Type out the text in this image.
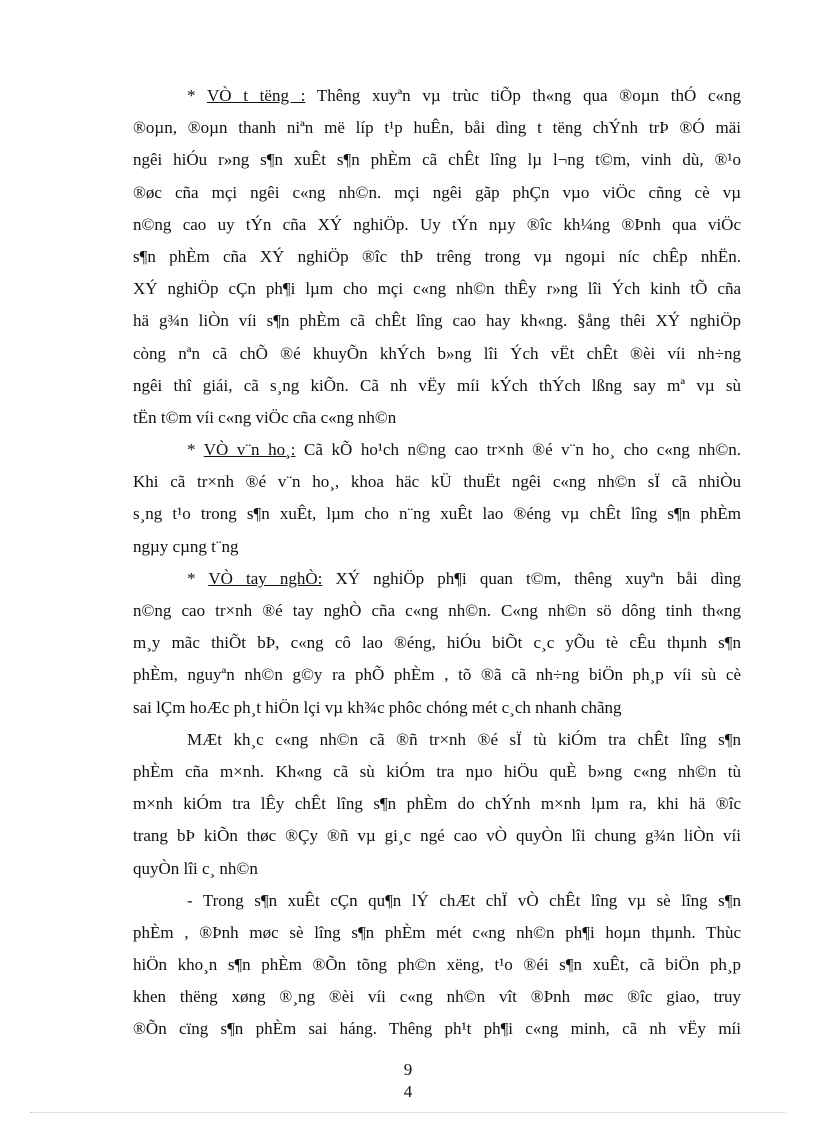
* VÒ t tëng : Thêng xuyªn vµ trùc tiÕp th«ng qua ®oµn thÓ c«ng
®oµn, ®oµn thanh niªn më líp t¹p huÊn, båi dìng t tëng chÝnh trÞ ®Ó mäi
ngêi hiÓu r»ng s¶n xuÊt s¶n phÈm cã chÊt lîng lµ l¬ng t©m, vinh dù, ®¹o
®øc cña mçi ngêi c«ng nh©n. mçi ngêi gãp phÇn vµo viÖc cñng cè vµ
n©ng cao uy tÝn cña XÝ nghiÖp. Uy tÝn nµy ®îc kh¼ng ®Þnh qua viÖc
s¶n phÈm cña XÝ nghiÖp ®îc thÞ trêng trong vµ ngoµi níc chÊp nhËn.
XÝ nghiÖp cÇn ph¶i lµm cho mçi c«ng nh©n thÊy r»ng lîi Ých kinh tÕ cña
hä g¾n liÒn víi s¶n phÈm cã chÊt lîng cao hay kh«ng. §ång thêi XÝ nghiÖp
còng nªn cã chÕ ®é khuyÕn khÝch b»ng lîi Ých vËt chÊt ®èi víi nh÷ng
ngêi thî giái, cã s¸ng kiÕn. Cã nh vËy míi kÝch thÝch lßng say mª vµ sù
tËn t©m víi c«ng viÖc cña c«ng nh©n
* VÒ v¨n ho¸: Cã kÕ ho¹ch n©ng cao tr×nh ®é v¨n ho¸ cho c«ng nh©n.
Khi cã tr×nh ®é v¨n ho¸, khoa häc kÜ thuËt ngêi c«ng nh©n sÏ cã nhiÒu
s¸ng t¹o trong s¶n xuÊt, lµm cho n¨ng xuÊt lao ®éng vµ chÊt lîng s¶n phÈm
ngµy cµng t¨ng
* VÒ tay nghÒ: XÝ nghiÖp ph¶i quan t©m, thêng xuyªn båi dìng
n©ng cao tr×nh ®é tay nghÒ cña c«ng nh©n. C«ng nh©n sö dông tinh th«ng
m¸y mãc thiÕt bÞ, c«ng cô lao ®éng, hiÓu biÕt c¸c yÕu tè cÊu thµnh s¶n
phÈm, nguyªn nh©n g©y ra phÕ phÈm , tõ ®ã cã nh÷ng biÖn ph¸p víi sù cè
sai lÇm hoÆc ph¸t hiÖn lçi vµ kh¾c phôc chóng mét c¸ch nhanh chãng
MÆt kh¸c c«ng nh©n cã ®ñ tr×nh ®é sÏ tù kiÓm tra chÊt lîng s¶n
phÈm cña m×nh. Kh«ng cã sù kiÓm tra nµo hiÖu quÈ b»ng c«ng nh©n tù
m×nh kiÓm tra lÊy chÊt lîng s¶n phÈm do chÝnh m×nh lµm ra, khi hä ®îc
trang bÞ kiÕn thøc ®Çy ®ñ vµ gi¸c ngé cao vÒ quyÒn lîi chung g¾n liÒn víi
quyÒn lîi c¸ nh©n
- Trong s¶n xuÊt cÇn qu¶n lÝ chÆt chÏ vÒ chÊt lîng vµ sè lîng s¶n
phÈm , ®Þnh møc sè lîng s¶n phÈm mét c«ng nh©n ph¶i hoµn thµnh. Thùc
hiÖn kho¸n s¶n phÈm ®Õn tõng ph©n xëng, t¹o ®éi s¶n xuÊt, cã biÖn ph¸p
khen thëng xøng ®¸ng ®èi víi c«ng nh©n vît ®Þnh møc ®îc giao, truy
®Õn cïng s¶n phÈm sai háng. Thêng ph¹t ph¶i c«ng minh, cã nh vËy míi
9
4
